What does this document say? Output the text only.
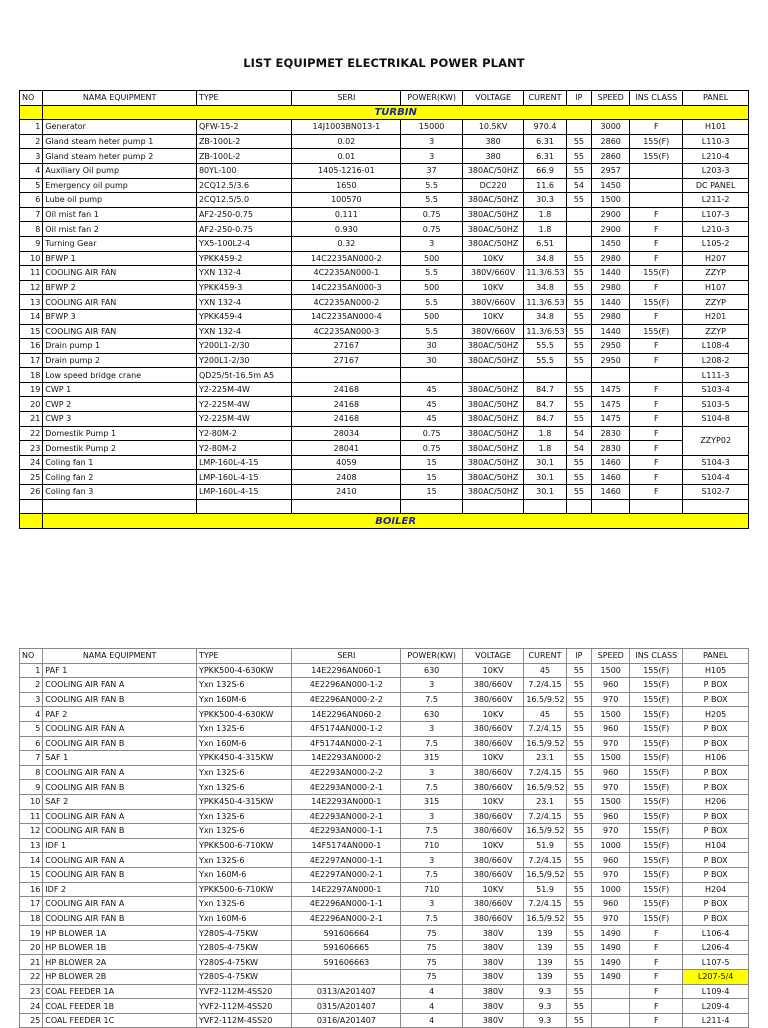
LIST EQUIPMET ELECTRIKAL POWER PLANT
NO	NAMA EQUIPMENT	TYPE	SERI	POWER(KW)	VOLTAGE	CURENT	IP	SPEED	INS CLASS	PANEL
	TURBIN									
1	Generator	QFW-15-2	14J1003BN013-1	15000	10.5KV	970.4		3000	F	H101
2	Gland steam heter pump 1	ZB-100L-2	0.02	3	380	6.31	55	2860	155(F)	L110-3
3	Gland steam heter pump 2	ZB-100L-2	0.01	3	380	6.31	55	2860	155(F)	L210-4
4	Auxiliary Oil pump	80YL-100	1405-1216-01	37	380AC/50HZ	66.9	55	2957		L203-3
5	Emergency oil pump	2CQ12.5/3.6	1650	5.5	DC220	11.6	54	1450		DC PANEL
6	Lube oil pump	2CQ12.5/5.0	100570	5.5	380AC/50HZ	30.3	55	1500		L211-2
7	Oil mist fan 1	AF2-250-0.75	0.111	0.75	380AC/50HZ	1.8		2900	F	L107-3
8	Oil mist fan 2	AF2-250-0.75	0.930	0.75	380AC/50HZ	1.8		2900	F	L210-3
9	Turning Gear	YX5-100L2-4	0.32	3	380AC/50HZ	6.51		1450	F	L105-2
10	BFWP 1	YPKK459-2	14C2235AN000-2	500	10KV	34.8	55	2980	F	H207
11	COOLING AIR FAN	YXN 132-4	4C2235AN000-1	5.5	380V/660V	11.3/6.53	55	1440	155(F)	ZZYP
12	BFWP 2	YPKK459-3	14C2235AN000-3	500	10KV	34.8	55	2980	F	H107
13	COOLING AIR FAN	YXN 132-4	4C2235AN000-2	5.5	380V/660V	11.3/6.53	55	1440	155(F)	ZZYP
14	BFWP 3	YPKK459-4	14C2235AN000-4	500	10KV	34.8	55	2980	F	H201
15	COOLING AIR FAN	YXN 132-4	4C2235AN000-3	5.5	380V/660V	11.3/6.53	55	1440	155(F)	ZZYP
16	Drain pump 1	Y200L1-2/30	27167	30	380AC/50HZ	55.5	55	2950	F	L108-4
17	Drain pump 2	Y200L1-2/30	27167	30	380AC/50HZ	55.5	55	2950	F	L208-2
18	Low speed bridge crane	QD25/5t-16.5m A5								L111-3
19	CWP 1	Y2-225M-4W	24168	45	380AC/50HZ	84.7	55	1475	F	S103-4
20	CWP 2	Y2-225M-4W	24168	45	380AC/50HZ	84.7	55	1475	F	S103-5
21	CWP 3	Y2-225M-4W	24168	45	380AC/50HZ	84.7	55	1475	F	S104-8
22	Domestik Pump 1	Y2-80M-2	28034	0.75	380AC/50HZ	1.8	54	2830	F	ZZYP02
23	Domestik Pump 2	Y2-80M-2	28041	0.75	380AC/50HZ	1.8	54	2830	F	
24	Coling fan 1	LMP-160L-4-15	4059	15	380AC/50HZ	30.1	55	1460	F	S104-3
25	Coling fan 2	LMP-160L-4-15	2408	15	380AC/50HZ	30.1	55	1460	F	S104-4
26	Coling fan 3	LMP-160L-4-15	2410	15	380AC/50HZ	30.1	55	1460	F	S102-7

	BOILER									
NO	NAMA EQUIPMENT	TYPE	SERI	POWER(KW)	VOLTAGE	CURENT	IP	SPEED	INS CLASS	PANEL
1	PAF 1	YPKK500-4-630KW	14E2296AN060-1	630	10KV	45	55	1500	155(F)	H105
2	COOLING AIR FAN A	Yxn 132S-6	4E2296AN000-1-2	3	380/660V	7.2/4.15	55	960	155(F)	P BOX
3	COOLING AIR FAN B	Yxn 160M-6	4E2296AN000-2-2	7.5	380/660V	16.5/9.52	55	970	155(F)	P BOX
4	PAF 2	YPKK500-4-630KW	14E2296AN060-2	630	10KV	45	55	1500	155(F)	H205
5	COOLING AIR FAN A	Yxn 132S-6	4F5174AN000-1-2	3	380/660V	7.2/4.15	55	960	155(F)	P BOX
6	COOLING AIR FAN B	Yxn 160M-6	4F5174AN000-2-1	7.5	380/660V	16.5/9.52	55	970	155(F)	P BOX
7	SAF 1	YPKK450-4-315KW	14E2293AN000-2	315	10KV	23.1	55	1500	155(F)	H106
8	COOLING AIR FAN A	Yxn 132S-6	4E2293AN000-2-2	3	380/660V	7.2/4.15	55	960	155(F)	P BOX
9	COOLING AIR FAN B	Yxn 132S-6	4E2293AN000-2-1	7.5	380/660V	16.5/9.52	55	970	155(F)	P BOX
10	SAF 2	YPKK450-4-315KW	14E2293AN000-1	315	10KV	23.1	55	1500	155(F)	H206
11	COOLING AIR FAN A	Yxn 132S-6	4E2293AN000-2-1	3	380/660V	7.2/4.15	55	960	155(F)	P BOX
12	COOLING AIR FAN B	Yxn 132S-6	4E2293AN000-1-1	7.5	380/660V	16.5/9.52	55	970	155(F)	P BOX
13	IDF 1	YPKK500-6-710KW	14F5174AN000-1	710	10KV	51.9	55	1000	155(F)	H104
14	COOLING AIR FAN A	Yxn 132S-6	4E2297AN000-1-1	3	380/660V	7.2/4.15	55	960	155(F)	P BOX
15	COOLING AIR FAN B	Yxn 160M-6	4E2297AN000-2-1	7.5	380/660V	16.5/9.52	55	970	155(F)	P BOX
16	IDF 2	YPKK500-6-710KW	14E2297AN000-1	710	10KV	51.9	55	1000	155(F)	H204
17	COOLING AIR FAN A	Yxn 132S-6	4E2296AN000-1-1	3	380/660V	7.2/4.15	55	960	155(F)	P BOX
18	COOLING AIR FAN B	Yxn 160M-6	4E2296AN000-2-1	7.5	380/660V	16.5/9.52	55	970	155(F)	P BOX
19	HP BLOWER 1A	Y280S-4-75KW	591606664	75	380V	139	55	1490	F	L106-4
20	HP BLOWER 1B	Y280S-4-75KW	591606665	75	380V	139	55	1490	F	L206-4
21	HP BLOWER 2A	Y280S-4-75KW	591606663	75	380V	139	55	1490	F	L107-5
22	HP BLOWER 2B	Y280S-4-75KW		75	380V	139	55	1490	F	L207-5/4
23	COAL FEEDER 1A	YVF2-112M-4SS20	0313/A201407	4	380V	9.3	55		F	L109-4
24	COAL FEEDER 1B	YVF2-112M-4SS20	0315/A201407	4	380V	9.3	55		F	L209-4
25	COAL FEEDER 1C	YVF2-112M-4SS20	0316/A201407	4	380V	9.3	55		F	L211-4
